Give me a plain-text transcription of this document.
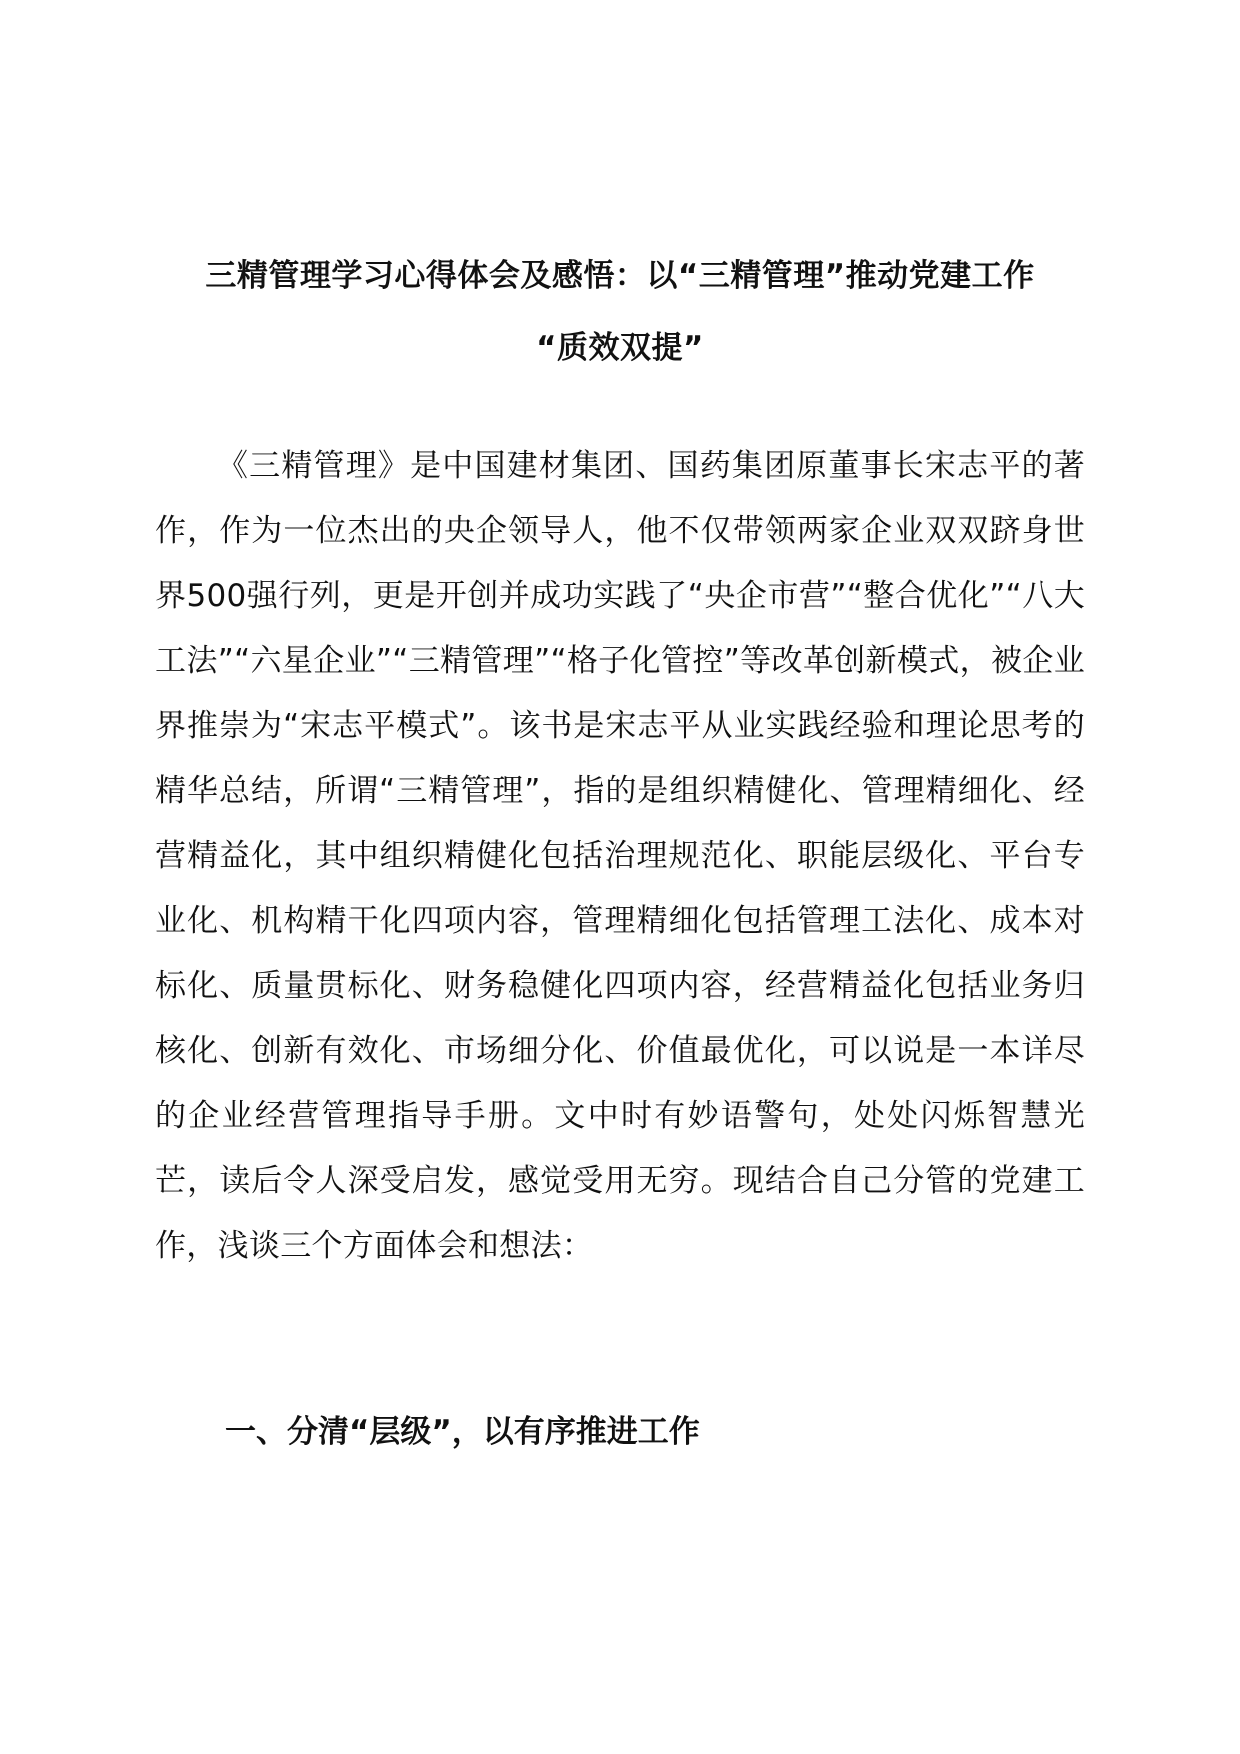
三精管理学习心得体会及感悟：以“三精管理”推动党建工作
“质效双提”

《三精管理》是中国建材集团、国药集团原董事长宋志平的著作，作为一位杰出的央企领导人，他不仅带领两家企业双双跻身世界500强行列，更是开创并成功实践了“央企市营”“整合优化”“八大工法”“六星企业”“三精管理”“格子化管控”等改革创新模式，被企业界推崇为“宋志平模式”。该书是宋志平从业实践经验和理论思考的精华总结，所谓“三精管理”，指的是组织精健化、管理精细化、经营精益化，其中组织精健化包括治理规范化、职能层级化、平台专业化、机构精干化四项内容，管理精细化包括管理工法化、成本对标化、质量贯标化、财务稳健化四项内容，经营精益化包括业务归核化、创新有效化、市场细分化、价值最优化，可以说是一本详尽的企业经营管理指导手册。文中时有妙语警句，处处闪烁智慧光芒，读后令人深受启发，感觉受用无穷。现结合自己分管的党建工作，浅谈三个方面体会和想法：

一、分清“层级”，以有序推进工作
